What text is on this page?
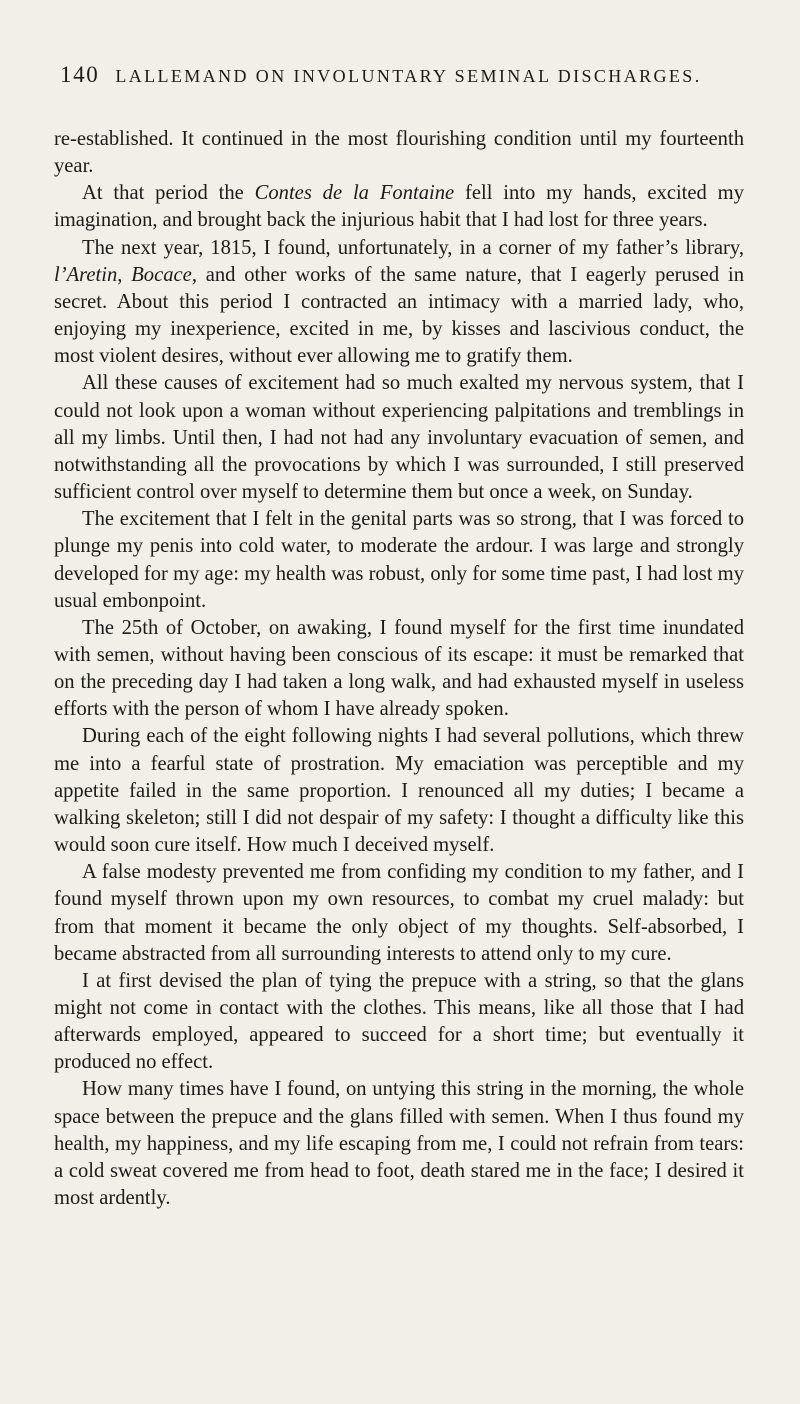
140 LALLEMAND ON INVOLUNTARY SEMINAL DISCHARGES.

re-established. It continued in the most flourishing condition until my fourteenth year.

At that period the Contes de la Fontaine fell into my hands, excited my imagination, and brought back the injurious habit that I had lost for three years.

The next year, 1815, I found, unfortunately, in a corner of my father’s library, l’Aretin, Bocace, and other works of the same nature, that I eagerly perused in secret. About this period I contracted an intimacy with a married lady, who, enjoying my inexperience, excited in me, by kisses and lascivious conduct, the most violent desires, without ever allowing me to gratify them.

All these causes of excitement had so much exalted my nervous system, that I could not look upon a woman without experiencing palpitations and tremblings in all my limbs. Until then, I had not had any involuntary evacuation of semen, and notwithstanding all the provocations by which I was surrounded, I still preserved sufficient control over myself to determine them but once a week, on Sunday.

The excitement that I felt in the genital parts was so strong, that I was forced to plunge my penis into cold water, to moderate the ardour. I was large and strongly developed for my age: my health was robust, only for some time past, I had lost my usual embonpoint.

The 25th of October, on awaking, I found myself for the first time inundated with semen, without having been conscious of its escape: it must be remarked that on the preceding day I had taken a long walk, and had exhausted myself in useless efforts with the person of whom I have already spoken.

During each of the eight following nights I had several pollutions, which threw me into a fearful state of prostration. My emaciation was perceptible and my appetite failed in the same proportion. I renounced all my duties; I became a walking skeleton; still I did not despair of my safety: I thought a difficulty like this would soon cure itself. How much I deceived myself.

A false modesty prevented me from confiding my condition to my father, and I found myself thrown upon my own resources, to combat my cruel malady: but from that moment it became the only object of my thoughts. Self-absorbed, I became abstracted from all surrounding interests to attend only to my cure.

I at first devised the plan of tying the prepuce with a string, so that the glans might not come in contact with the clothes. This means, like all those that I had afterwards employed, appeared to succeed for a short time; but eventually it produced no effect.

How many times have I found, on untying this string in the morning, the whole space between the prepuce and the glans filled with semen. When I thus found my health, my happiness, and my life escaping from me, I could not refrain from tears: a cold sweat covered me from head to foot, death stared me in the face; I desired it most ardently.
